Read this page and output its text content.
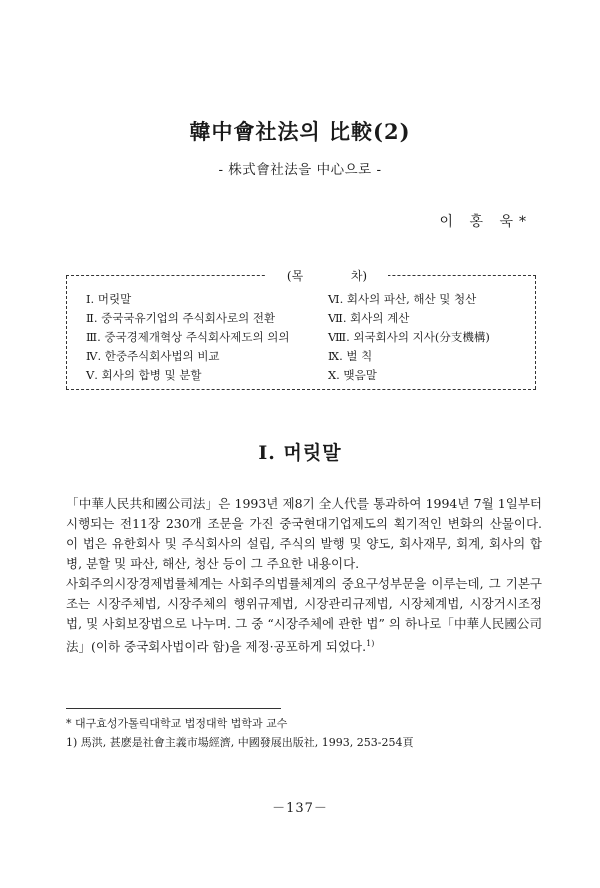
韓中會社法의 比較(2)
- 株式會社法을 中心으로 -
이 홍 욱*
(목	차)
Ⅰ. 머릿말
Ⅱ. 중국국유기업의 주식회사로의 전환
Ⅲ. 중국경제개혁상 주식회사제도의 의의
Ⅳ. 한중주식회사법의 비교
Ⅴ. 회사의 합병 및 분할
Ⅵ. 회사의 파산, 해산 및 청산
Ⅶ. 회사의 계산
Ⅷ. 외국회사의 지사(分支機構)
Ⅸ. 벌 칙
Ⅹ. 맺음말
Ⅰ. 머릿말

「中華人民共和國公司法」은 1993년 제8기 全人代를 통과하여 1994년 7월 1일부터 시행되는 전11장 230개 조문을 가진 중국현대기업제도의 획기적인 변화의 산물이다. 이 법은 유한회사 및 주식회사의 설립, 주식의 발행 및 양도, 회사재무, 회계, 회사의 합병, 분할 및 파산, 해산, 청산 등이 그 주요한 내용이다.

사회주의시장경제법률체계는 사회주의법률체계의 중요구성부문을 이루는데, 그 기본구조는 시장주체법, 시장주체의 행위규제법, 시장관리규제법, 시장체계법, 시장거시조정법, 및 사회보장법으로 나누며. 그 중 “시장주체에 관한 법” 의 하나로「中華人民國公司法」(이하 중국회사법이라 함)을 제정·공포하게 되었다.$^{1)}$

* 대구효성가톨릭대학교 법정대학 법학과 교수

1) 馬洪, 甚麽是社會主義市場經濟, 中國發展出版社, 1993, 253-254頁

－137－
